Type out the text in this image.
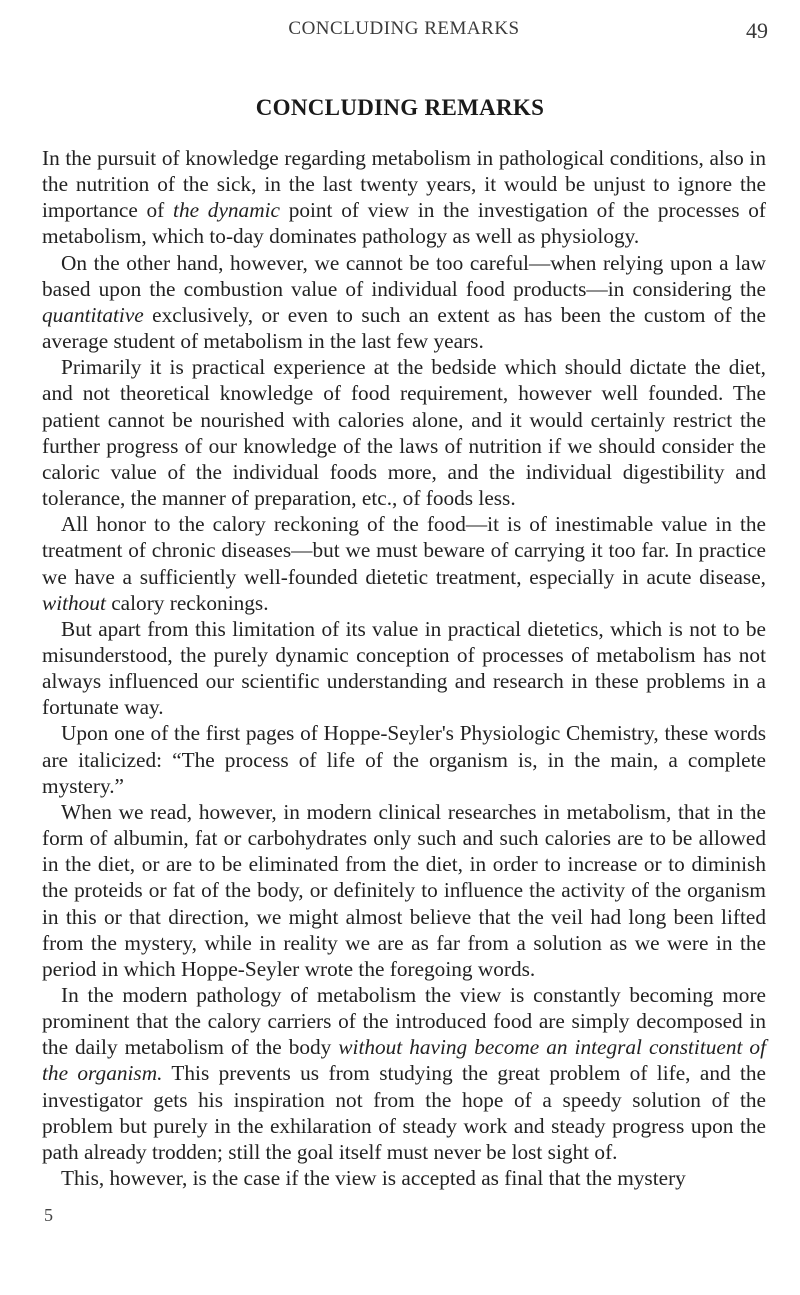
CONCLUDING REMARKS	49
CONCLUDING REMARKS

In the pursuit of knowledge regarding metabolism in pathological conditions, also in the nutrition of the sick, in the last twenty years, it would be unjust to ignore the importance of the dynamic point of view in the investigation of the processes of metabolism, which to-day dominates pathology as well as physiology.

On the other hand, however, we cannot be too careful—when relying upon a law based upon the combustion value of individual food products—in considering the quantitative exclusively, or even to such an extent as has been the custom of the average student of metabolism in the last few years.

Primarily it is practical experience at the bedside which should dictate the diet, and not theoretical knowledge of food requirement, however well founded. The patient cannot be nourished with calories alone, and it would certainly restrict the further progress of our knowledge of the laws of nutrition if we should consider the caloric value of the individual foods more, and the individual digestibility and tolerance, the manner of preparation, etc., of foods less.

All honor to the calory reckoning of the food—it is of inestimable value in the treatment of chronic diseases—but we must beware of carrying it too far. In practice we have a sufficiently well-founded dietetic treatment, especially in acute disease, without calory reckonings.

But apart from this limitation of its value in practical dietetics, which is not to be misunderstood, the purely dynamic conception of processes of metabolism has not always influenced our scientific understanding and research in these problems in a fortunate way.

Upon one of the first pages of Hoppe-Seyler's Physiologic Chemistry, these words are italicized: “The process of life of the organism is, in the main, a complete mystery.”

When we read, however, in modern clinical researches in metabolism, that in the form of albumin, fat or carbohydrates only such and such calories are to be allowed in the diet, or are to be eliminated from the diet, in order to increase or to diminish the proteids or fat of the body, or definitely to influence the activity of the organism in this or that direction, we might almost believe that the veil had long been lifted from the mystery, while in reality we are as far from a solution as we were in the period in which Hoppe-Seyler wrote the foregoing words.

In the modern pathology of metabolism the view is constantly becoming more prominent that the calory carriers of the introduced food are simply decomposed in the daily metabolism of the body without having become an integral constituent of the organism. This prevents us from studying the great problem of life, and the investigator gets his inspiration not from the hope of a speedy solution of the problem but purely in the exhilaration of steady work and steady progress upon the path already trodden; still the goal itself must never be lost sight of.

This, however, is the case if the view is accepted as final that the mystery

5
